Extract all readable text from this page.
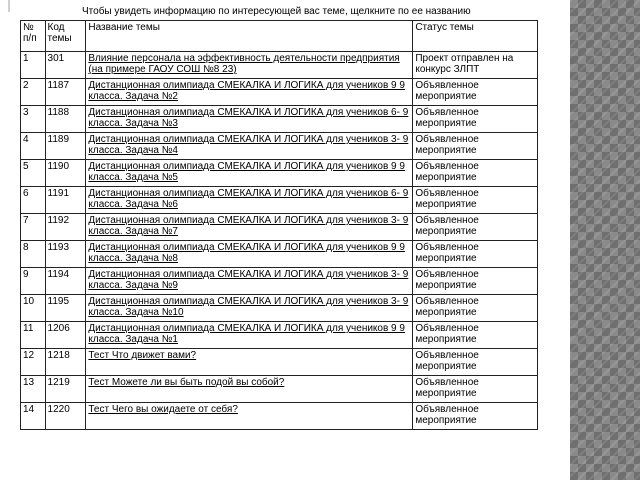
Чтобы увидеть информацию по интересующей вас теме, щелкните по ее названию
№ п/п	Код темы	Название темы	Статус темы
1	301	Влияние персонала на эффективность деятельности предприятия (на примере ГАОУ СОШ №8 23)	Проект отправлен на конкурс ЗЛПТ
2	1187	Дистанционная олимпиада СМЕКАЛКА И ЛОГИКА для учеников 9 9 класса. Задача №2	Объявленное мероприятие
3	1188	Дистанционная олимпиада СМЕКАЛКА И ЛОГИКА для учеников 6- 9 класса. Задача №3	Объявленное мероприятие
4	1189	Дистанционная олимпиада СМЕКАЛКА И ЛОГИКА для учеников 3- 9 класса. Задача №4	Объявленное мероприятие
5	1190	Дистанционная олимпиада СМЕКАЛКА И ЛОГИКА для учеников 9 9 класса. Задача №5	Объявленное мероприятие
6	1191	Дистанционная олимпиада СМЕКАЛКА И ЛОГИКА для учеников 6- 9 класса. Задача №6	Объявленное мероприятие
7	1192	Дистанционная олимпиада СМЕКАЛКА И ЛОГИКА для учеников 3- 9 класса. Задача №7	Объявленное мероприятие
8	1193	Дистанционная олимпиада СМЕКАЛКА И ЛОГИКА для учеников 9 9 класса. Задача №8	Объявленное мероприятие
9	1194	Дистанционная олимпиада СМЕКАЛКА И ЛОГИКА для учеников 3- 9 класса. Задача №9	Объявленное мероприятие
10	1195	Дистанционная олимпиада СМЕКАЛКА И ЛОГИКА для учеников 3- 9 класса. Задача №10	Объявленное мероприятие
11	1206	Дистанционная олимпиада СМЕКАЛКА И ЛОГИКА для учеников 9 9 класса. Задача №1	Объявленное мероприятие
12	1218	Тест Что движет вами?	Объявленное мероприятие
13	1219	Тест Можете ли вы быть подой вы собой?	Объявленное мероприятие
14	1220	Тест Чего вы ожидаете от себя?	Объявленное мероприятие
